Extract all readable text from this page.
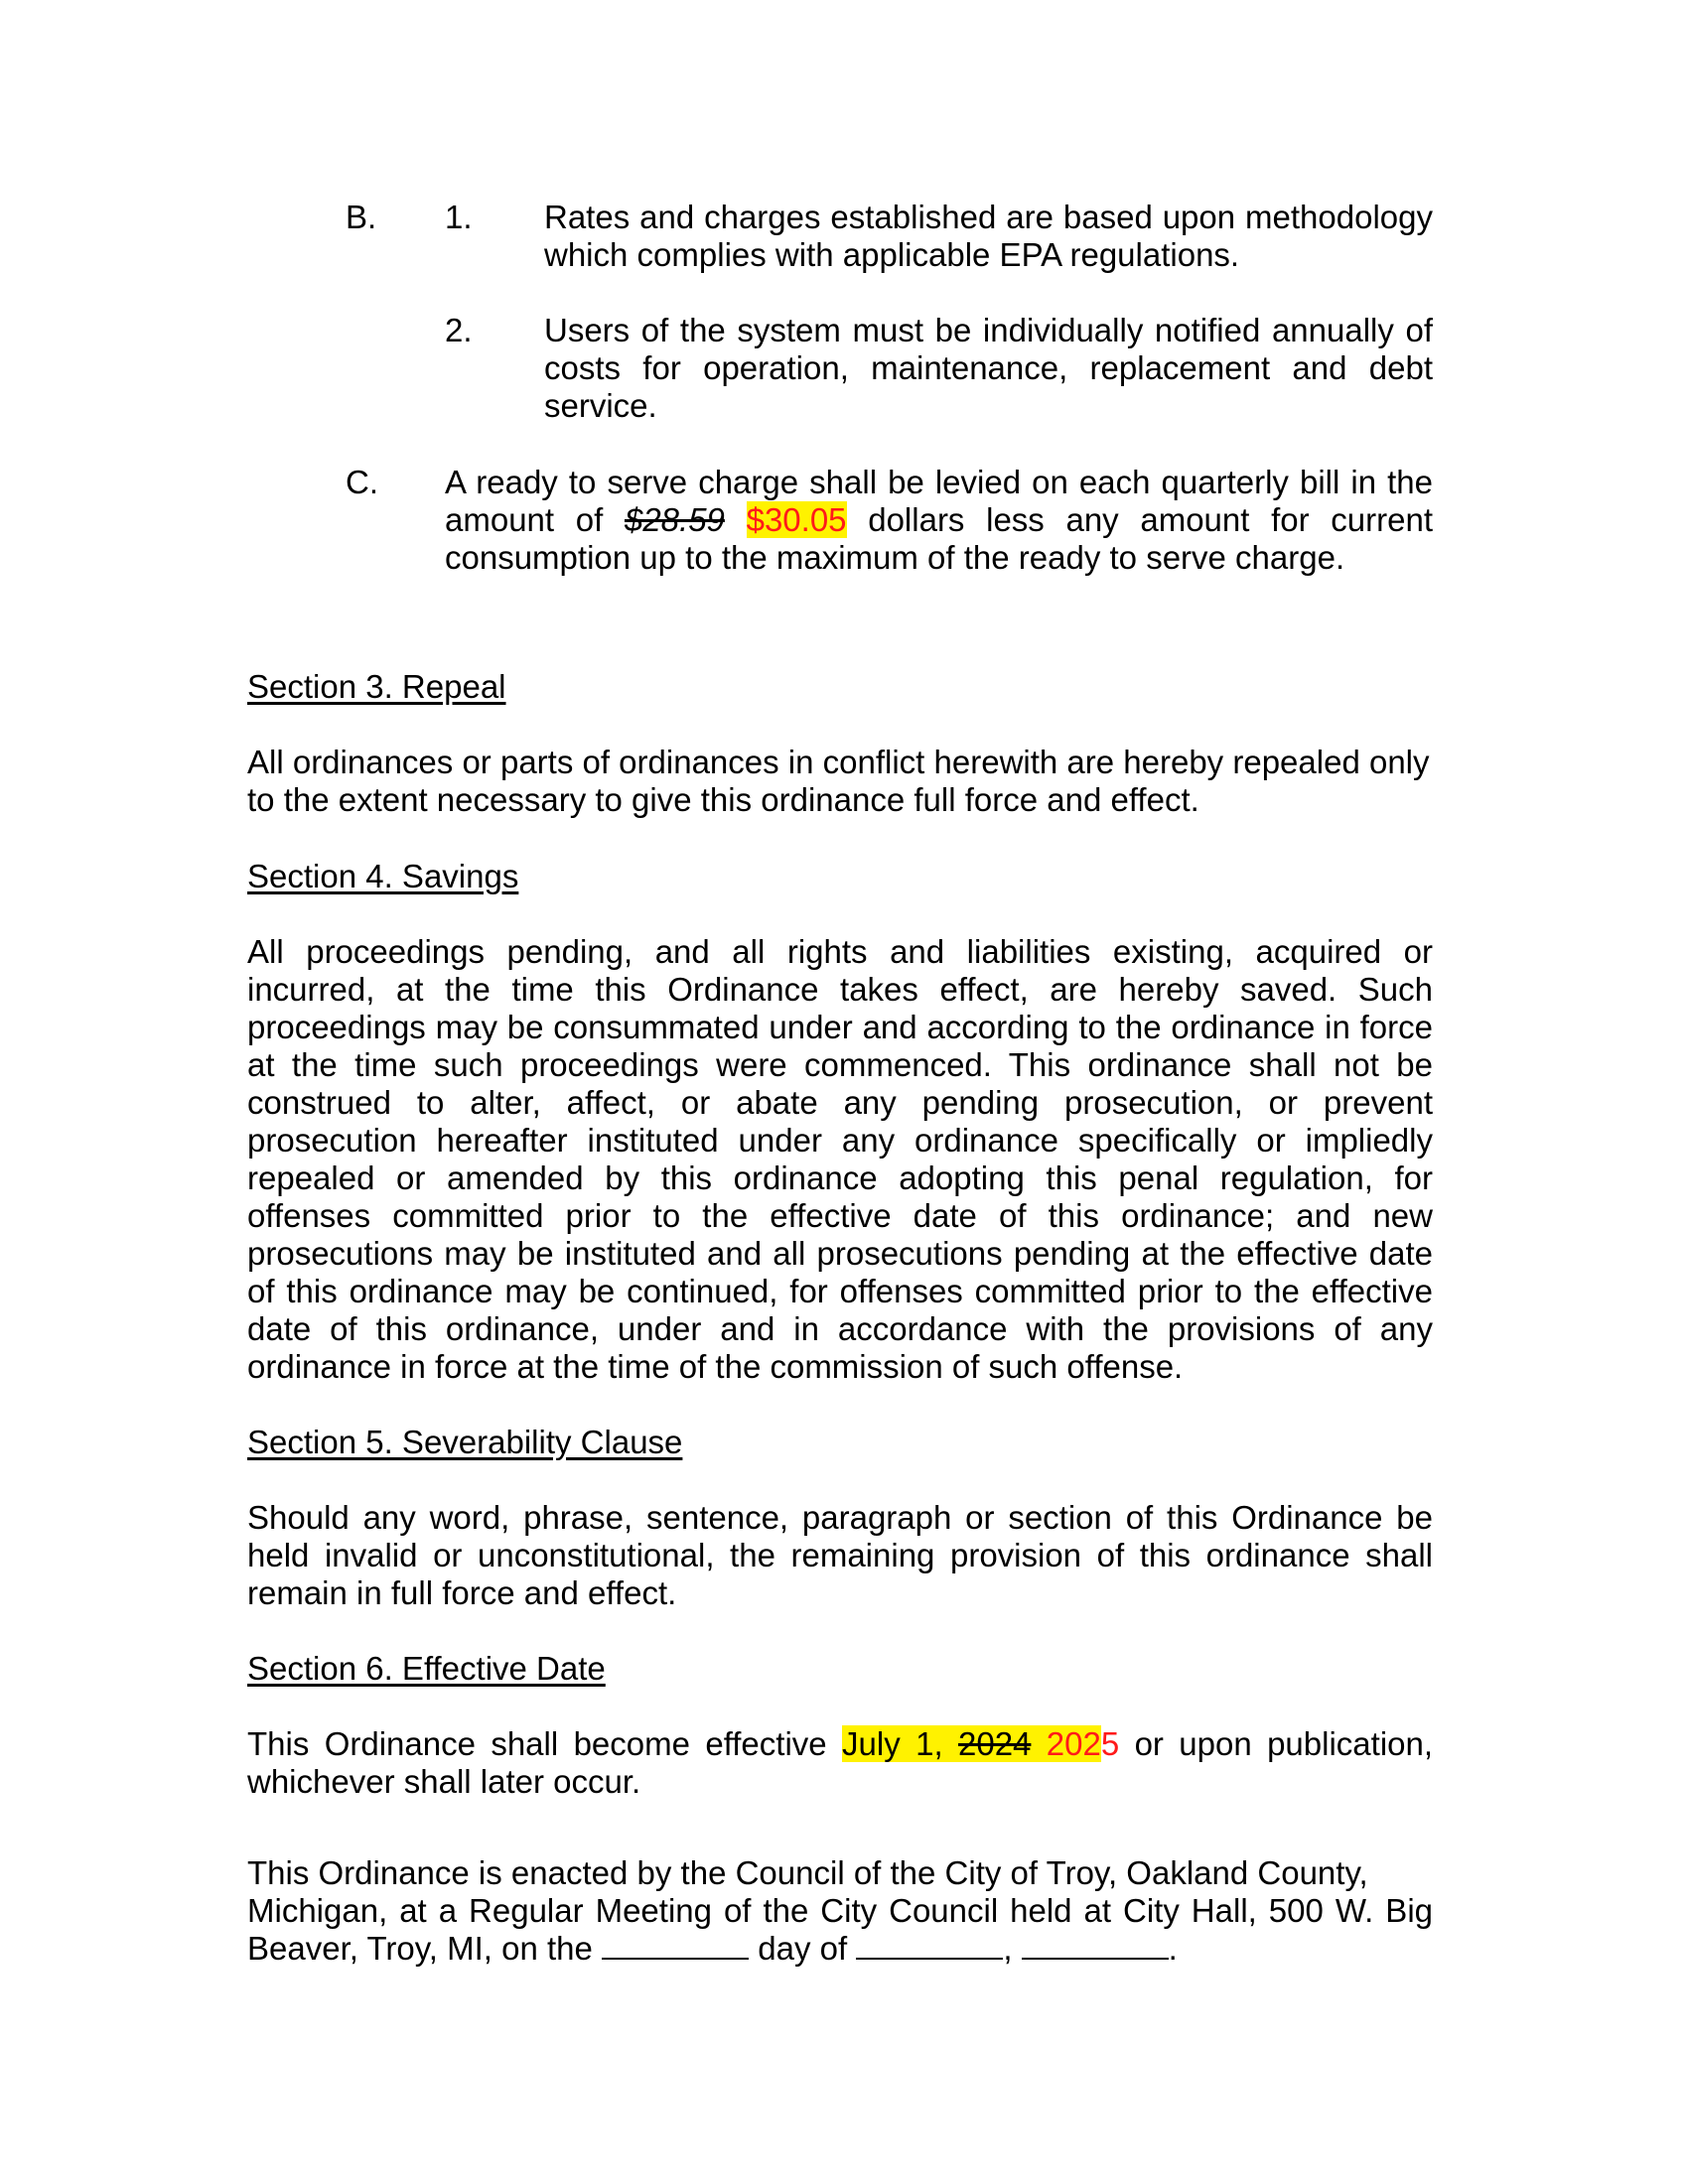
B. 1. Rates and charges established are based upon methodology which complies with applicable EPA regulations.
2. Users of the system must be individually notified annually of costs for operation, maintenance, replacement and debt service.
C. A ready to serve charge shall be levied on each quarterly bill in the amount of $28.59 $30.05 dollars less any amount for current consumption up to the maximum of the ready to serve charge.
Section 3. Repeal
All ordinances or parts of ordinances in conflict herewith are hereby repealed only to the extent necessary to give this ordinance full force and effect.
Section 4. Savings
All proceedings pending, and all rights and liabilities existing, acquired or incurred, at the time this Ordinance takes effect, are hereby saved. Such proceedings may be consummated under and according to the ordinance in force at the time such proceedings were commenced. This ordinance shall not be construed to alter, affect, or abate any pending prosecution, or prevent prosecution hereafter instituted under any ordinance specifically or impliedly repealed or amended by this ordinance adopting this penal regulation, for offenses committed prior to the effective date of this ordinance; and new prosecutions may be instituted and all prosecutions pending at the effective date of this ordinance may be continued, for offenses committed prior to the effective date of this ordinance, under and in accordance with the provisions of any ordinance in force at the time of the commission of such offense.
Section 5. Severability Clause
Should any word, phrase, sentence, paragraph or section of this Ordinance be held invalid or unconstitutional, the remaining provision of this ordinance shall remain in full force and effect.
Section 6. Effective Date
This Ordinance shall become effective July 1, 2024 2025 or upon publication, whichever shall later occur.
This Ordinance is enacted by the Council of the City of Troy, Oakland County,
Michigan, at a Regular Meeting of the City Council held at City Hall, 500 W. Big
Beaver, Troy, MI, on the	day of	,	.
